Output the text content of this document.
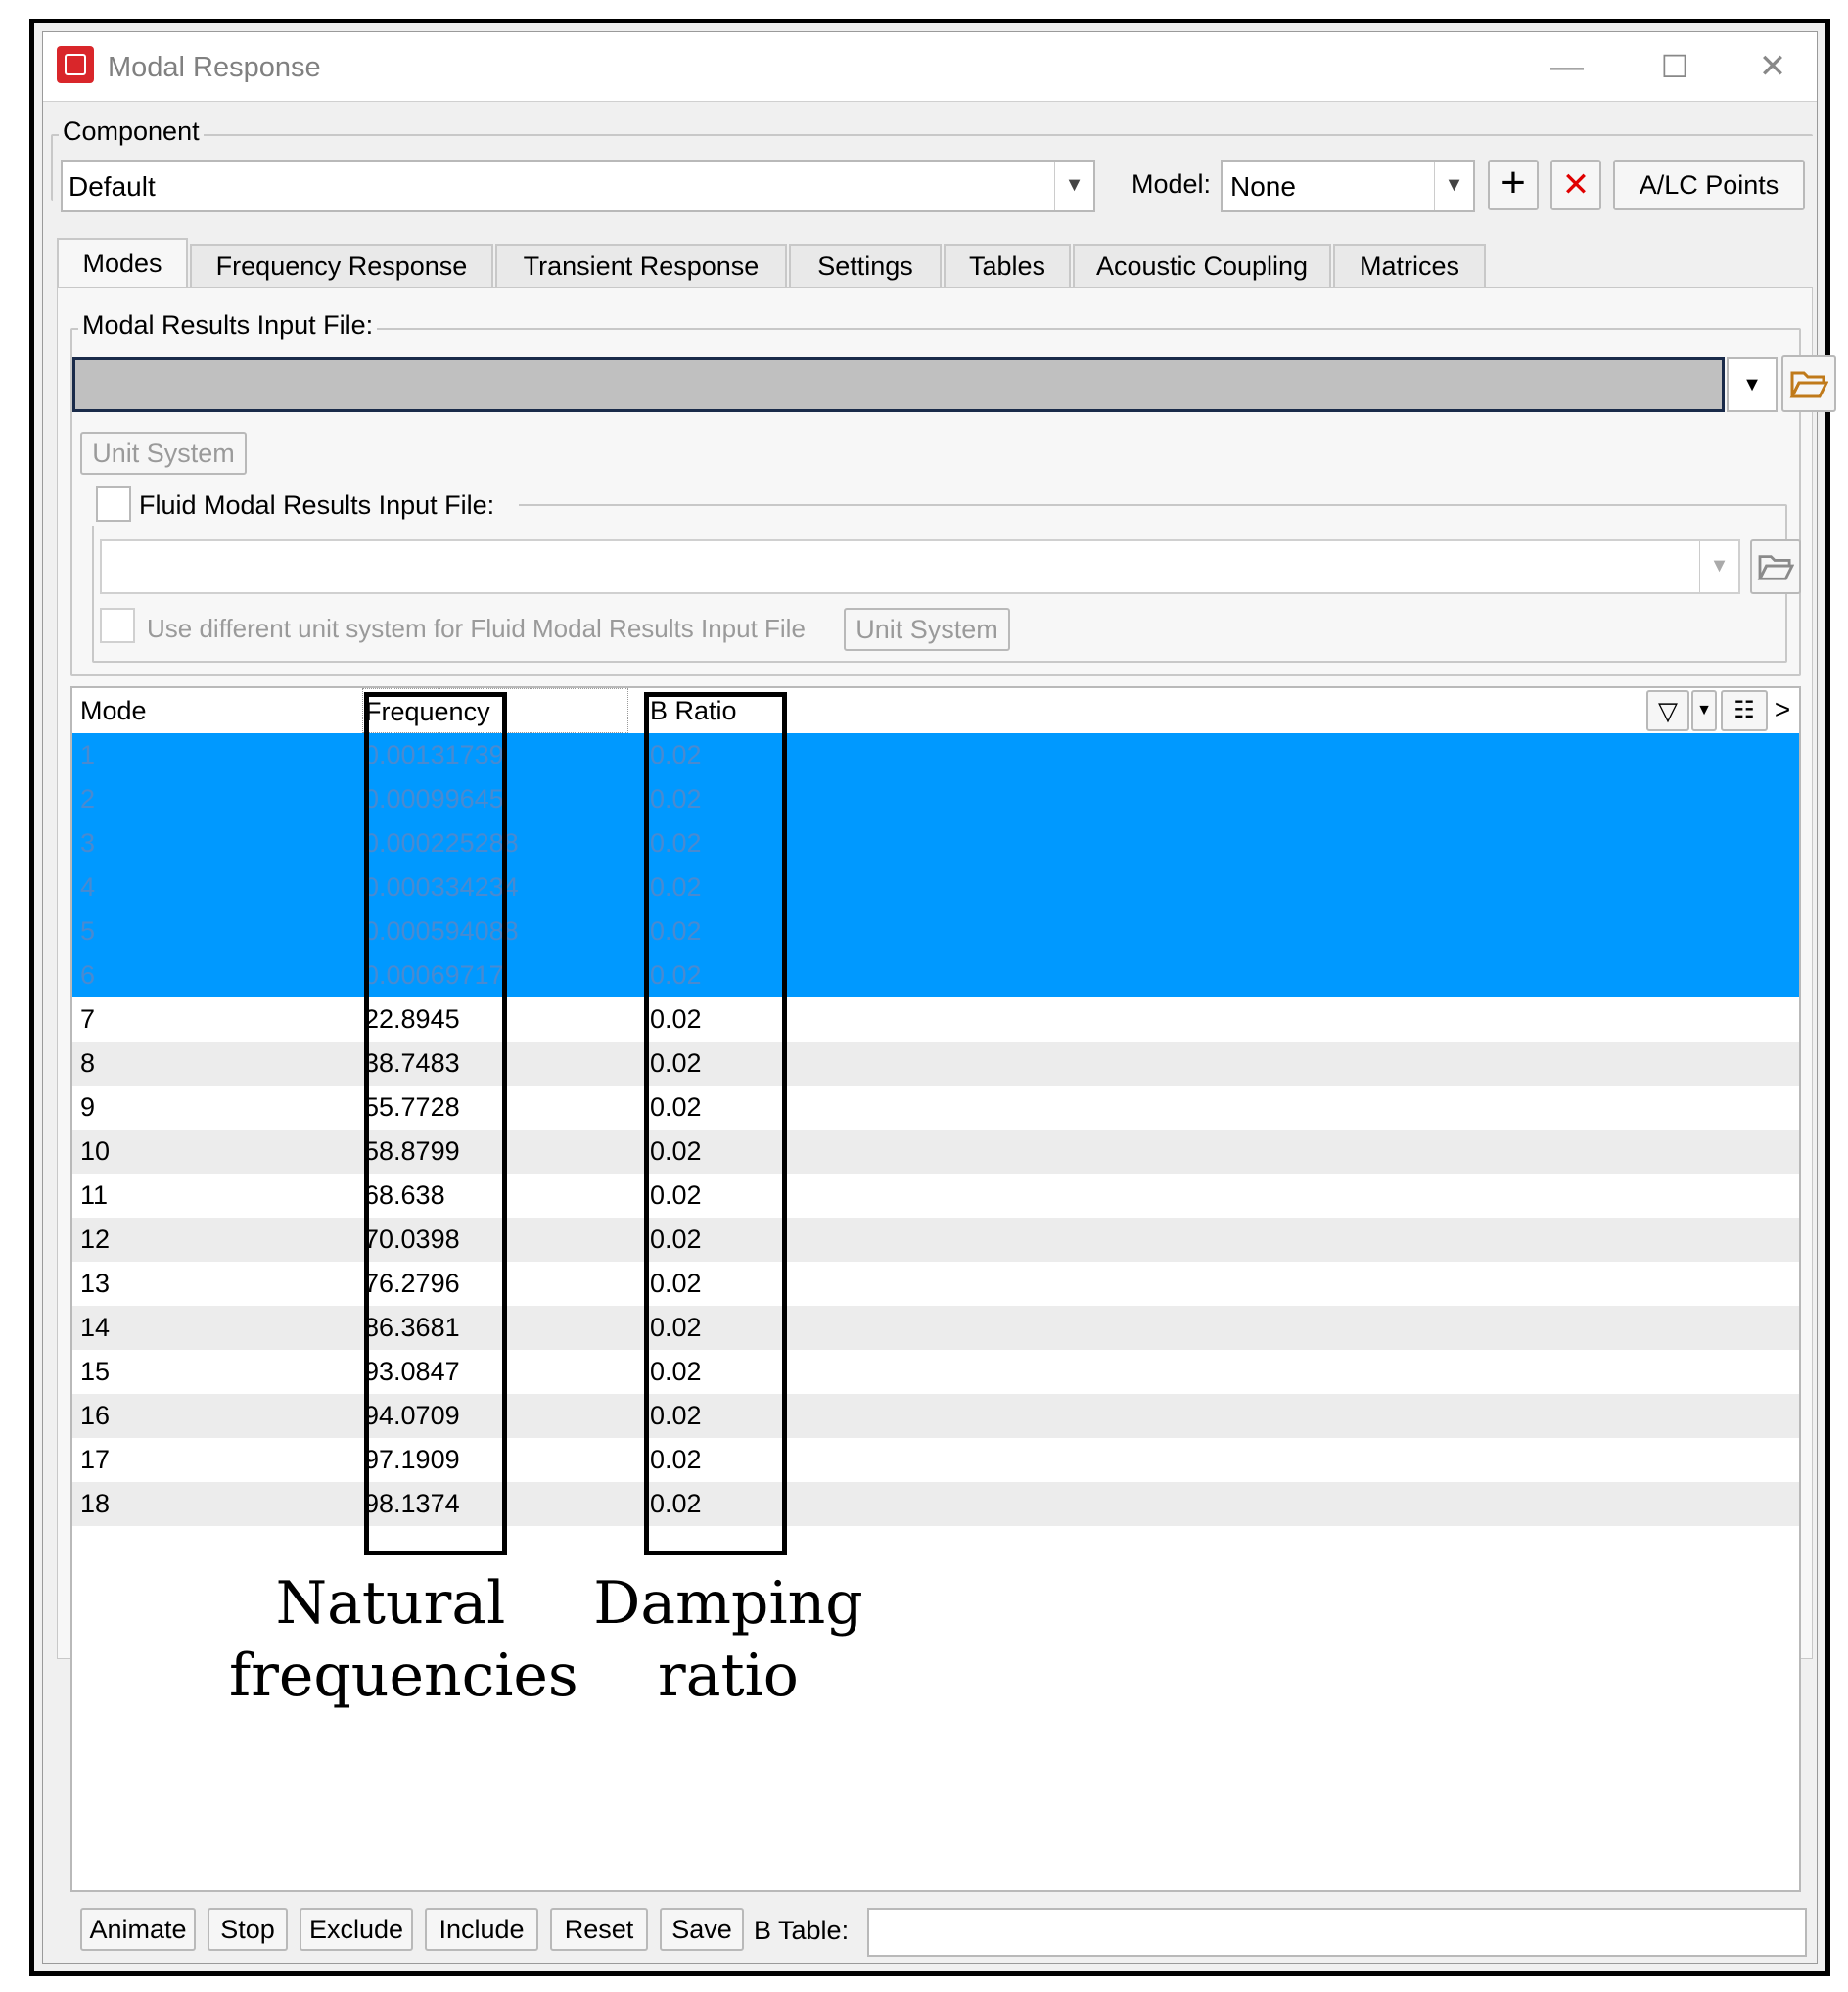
Modal Response	—	☐	✕
Component
Default	▼	Model: None	▼ +	✕	A/LC Points
Modes	Frequency Response	Transient Response	Settings	Tables	Acoustic Coupling	Matrices
Modal Results Input File:
▼
Unit System
Fluid Modal Results Input File:
▼
Use different unit system for Fluid Modal Results Input File	Unit System
Mode	Frequency	B Ratio	▽	▼ ☷ >
1	0.00131739	0.02
2	0.00099645	0.02
3	0.000225288	0.02
4	0.000334234	0.02
5	0.000594088	0.02
6	0.00069717	0.02
7	22.8945	0.02
8	38.7483	0.02
9	55.7728	0.02
10	58.8799	0.02
11	68.638	0.02
12	70.0398	0.02
13	76.2796	0.02
14	86.3681	0.02
15	93.0847	0.02
16	94.0709	0.02
17	97.1909	0.02
18	98.1374	0.02
Natural
frequencies
Damping
ratio
Animate	Stop	Exclude	Include	Reset	Save B Table:
